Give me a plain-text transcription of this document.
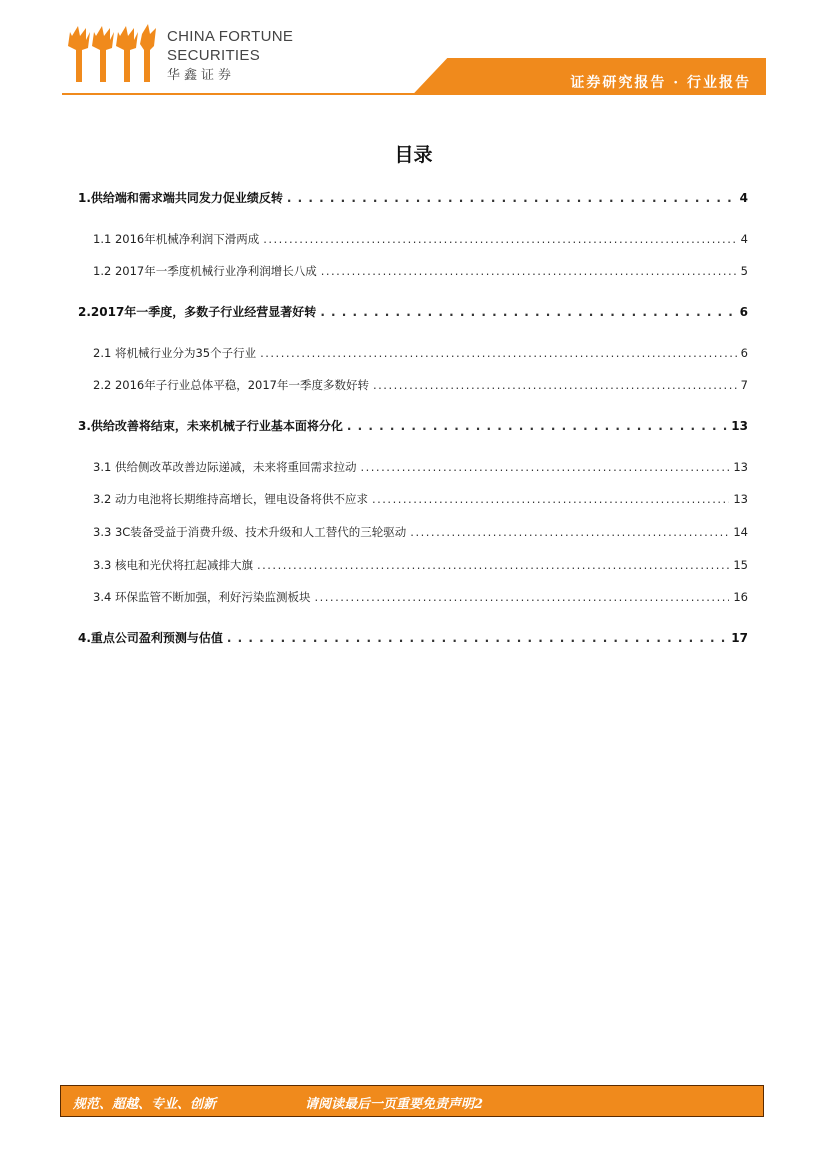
CHINA FORTUNE
SECURITIES
华鑫证券	证券研究报告 · 行业报告
目录
1.供给端和需求端共同发力促业绩反转 . . .	4
1.1 2016年机械净利润下滑两成 .....	4
1.2 2017年一季度机械行业净利润增长八成 .....	5
2.2017年一季度，多数子行业经营显著好转 . . .	6
2.1 将机械行业分为35个子行业 .....	6
2.2 2016年子行业总体平稳，2017年一季度多数好转 .....	7
3.供给改善将结束，未来机械子行业基本面将分化 . . .	13
3.1 供给侧改革改善边际递减，未来将重回需求拉动 .....	13
3.2 动力电池将长期维持高增长，锂电设备将供不应求 .....	13
3.3 3C装备受益于消费升级、技术升级和人工替代的三轮驱动 .....	14
3.3 核电和光伏将扛起减排大旗 .....	15
3.4 环保监管不断加强，利好污染监测板块 .....	16
4.重点公司盈利预测与估值 . . .	17
规范、超越、专业、创新	请阅读最后一页重要免责声明2
